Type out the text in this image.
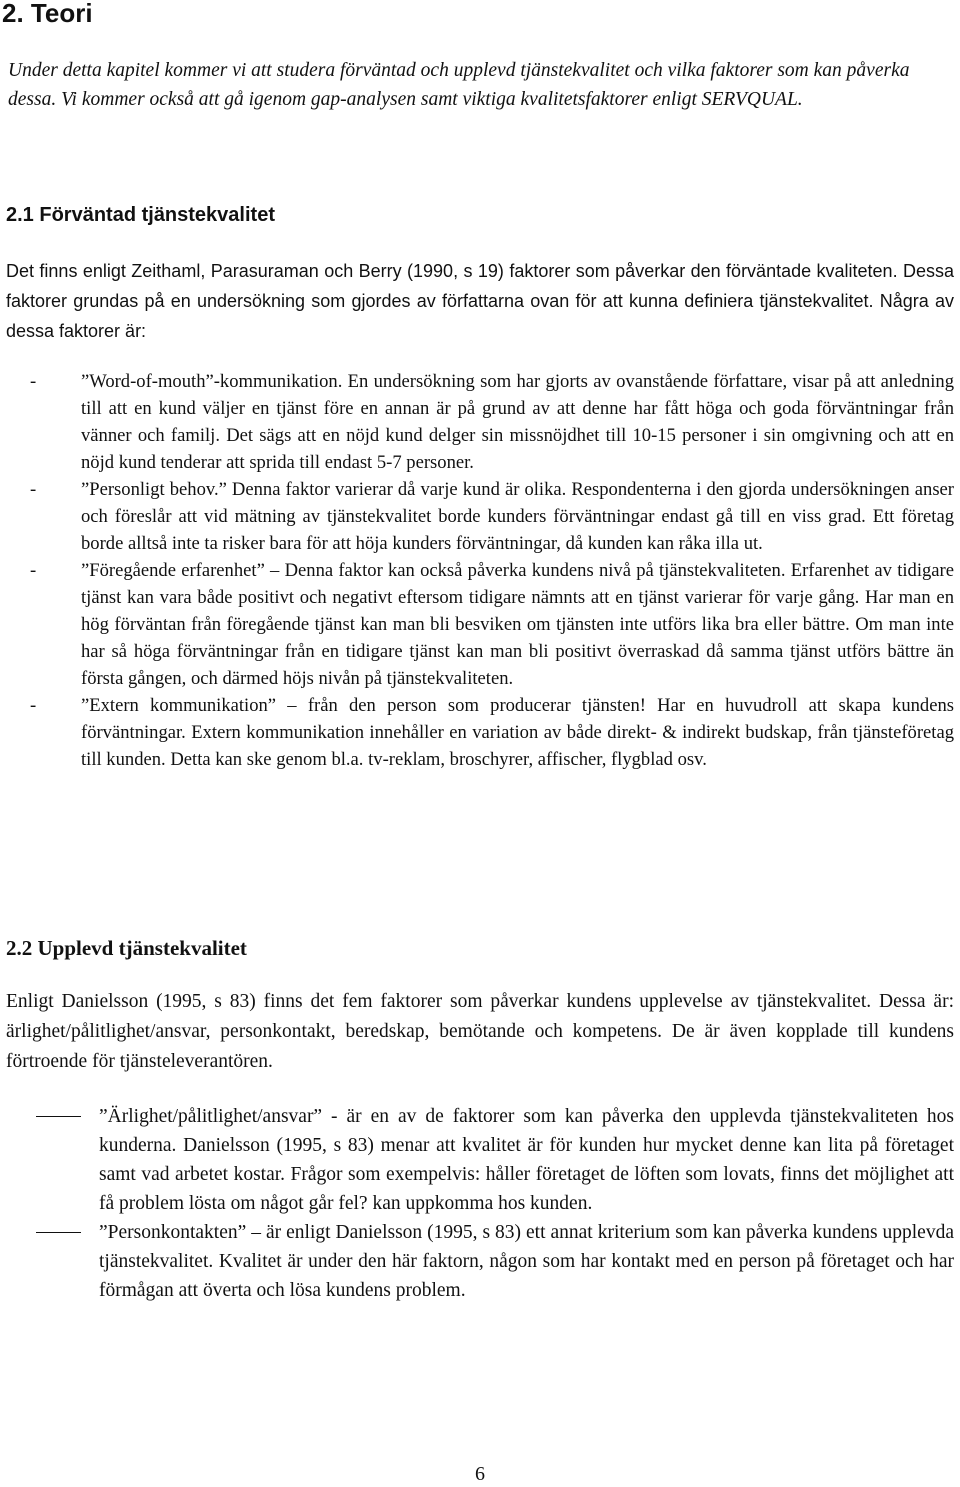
2. Teori

Under detta kapitel kommer vi att studera förväntad och upplevd tjänstekvalitet och vilka faktorer som kan påverka dessa. Vi kommer också att gå igenom gap-analysen samt viktiga kvalitetsfaktorer enligt SERVQUAL.

2.1 Förväntad tjänstekvalitet

Det finns enligt Zeithaml, Parasuraman och Berry (1990, s 19) faktorer som påverkar den förväntade kvaliteten. Dessa faktorer grundas på en undersökning som gjordes av författarna ovan för att kunna definiera tjänstekvalitet. Några av dessa faktorer är:

- ”Word-of-mouth”-kommunikation. En undersökning som har gjorts av ovanstående författare, visar på att anledning till att en kund väljer en tjänst före en annan är på grund av att denne har fått höga och goda förväntningar från vänner och familj. Det sägs att en nöjd kund delger sin missnöjdhet till 10-15 personer i sin omgivning och att en nöjd kund tenderar att sprida till endast 5-7 personer.
- ”Personligt behov.” Denna faktor varierar då varje kund är olika. Respondenterna i den gjorda undersökningen anser och föreslår att vid mätning av tjänstekvalitet borde kunders förväntningar endast gå till en viss grad. Ett företag borde alltså inte ta risker bara för att höja kunders förväntningar, då kunden kan råka illa ut.
- ”Föregående erfarenhet” – Denna faktor kan också påverka kundens nivå på tjänstekvaliteten. Erfarenhet av tidigare tjänst kan vara både positivt och negativt eftersom tidigare nämnts att en tjänst varierar för varje gång. Har man en hög förväntan från föregående tjänst kan man bli besviken om tjänsten inte utförs lika bra eller bättre. Om man inte har så höga förväntningar från en tidigare tjänst kan man bli positivt överraskad då samma tjänst utförs bättre än första gången, och därmed höjs nivån på tjänstekvaliteten.
- ”Extern kommunikation” – från den person som producerar tjänsten! Har en huvudroll att skapa kundens förväntningar. Extern kommunikation innehåller en variation av både direkt- & indirekt budskap, från tjänsteföretag till kunden. Detta kan ske genom bl.a. tv-reklam, broschyrer, affischer, flygblad osv.
2.2 Upplevd tjänstekvalitet

Enligt Danielsson (1995, s 83) finns det fem faktorer som påverkar kundens upplevelse av tjänstekvalitet. Dessa är: ärlighet/pålitlighet/ansvar, personkontakt, beredskap, bemötande och kompetens. De är även kopplade till kundens förtroende för tjänsteleverantören.

”Ärlighet/pålitlighet/ansvar” - är en av de faktorer som kan påverka den upplevda tjänstekvaliteten hos kunderna. Danielsson (1995, s 83) menar att kvalitet är för kunden hur mycket denne kan lita på företaget samt vad arbetet kostar. Frågor som exempelvis: håller företaget de löften som lovats, finns det möjlighet att få problem lösta om något går fel? kan uppkomma hos kunden.
”Personkontakten” – är enligt Danielsson (1995, s 83) ett annat kriterium som kan påverka kundens upplevda tjänstekvalitet. Kvalitet är under den här faktorn, någon som har kontakt med en person på företaget och har förmågan att överta och lösa kundens problem.
6
